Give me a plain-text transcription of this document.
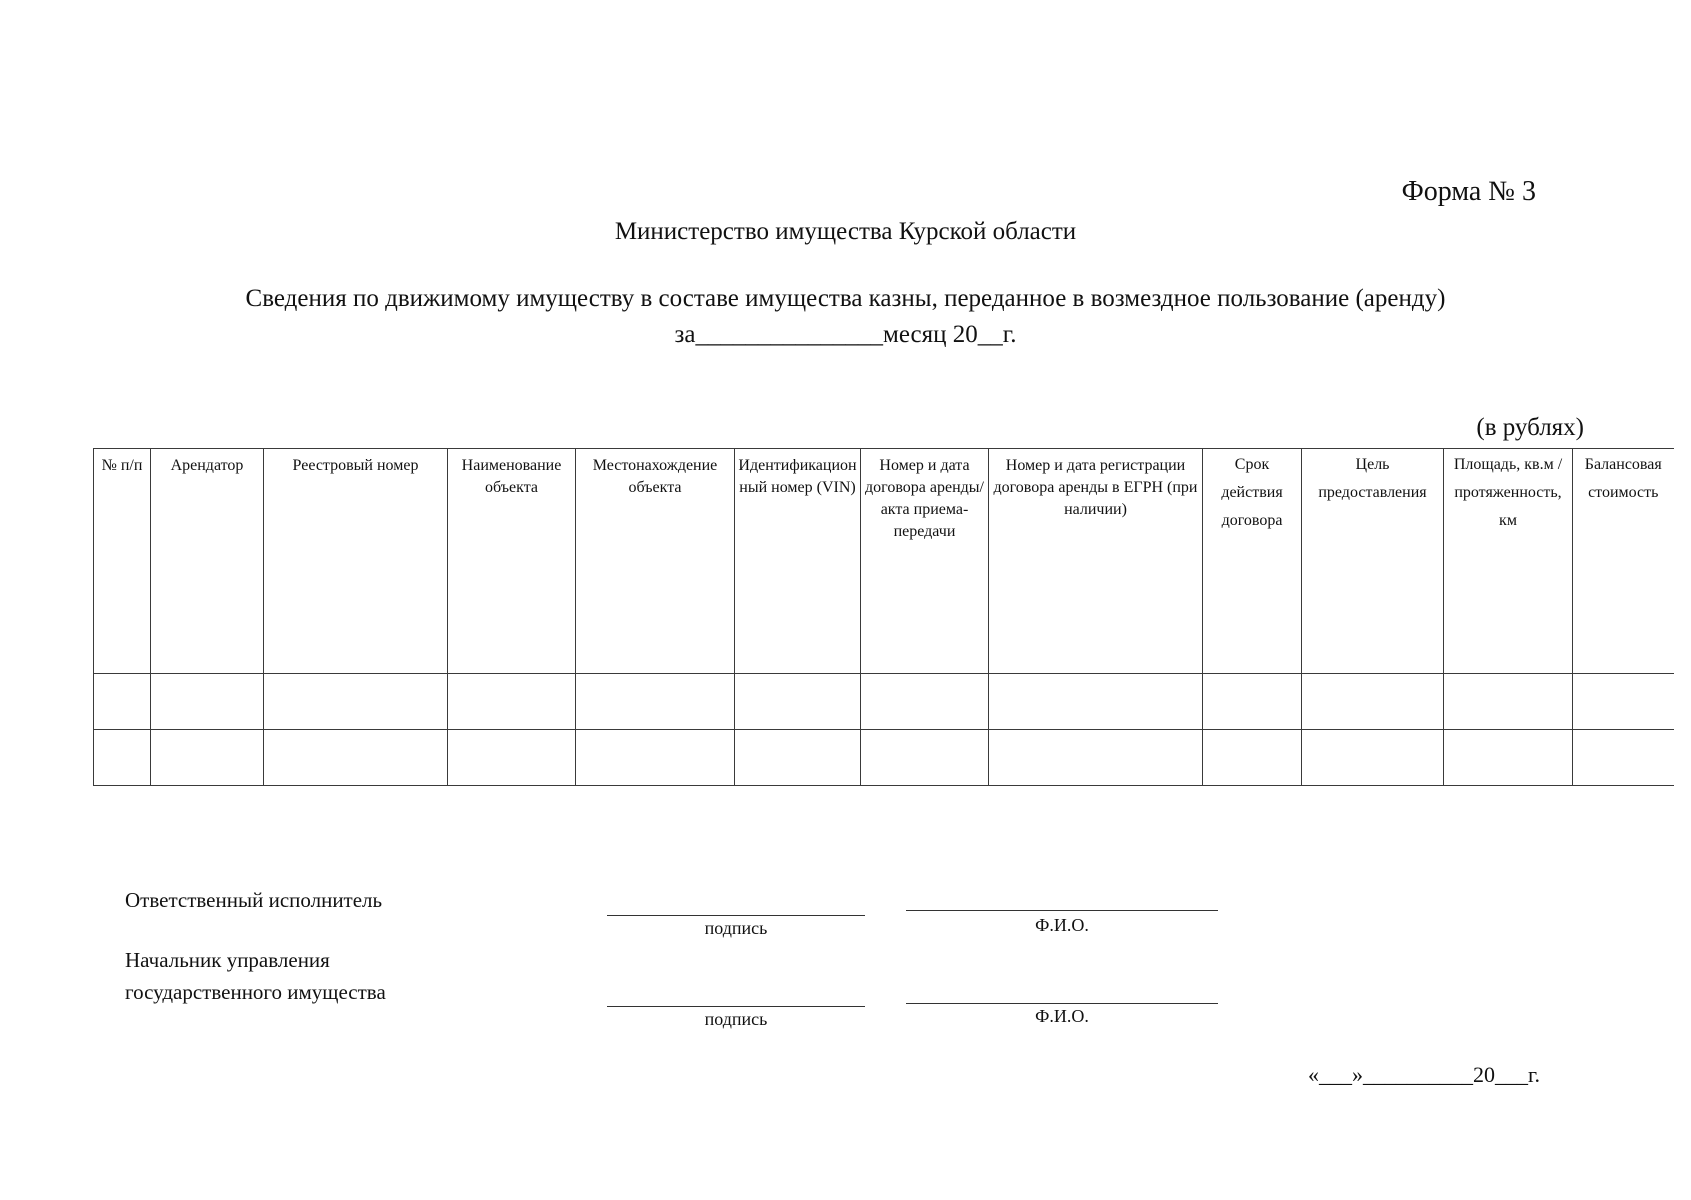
Форма № 3
Министерство имущества Курской области
Сведения по движимому имуществу в составе имущества казны, переданное в возмездное пользование (аренду)
за_______________месяц 20__г.
(в рублях)
№ п/п	Арендатор	Реестровый номер	Наименование объекта	Местонахождение объекта	Идентификационный номер (VIN)	Номер и дата договора аренды/акта приема-передачи	Номер и дата регистрации договора аренды в ЕГРН (при наличии)	Срок действия договора	Цель предоставления	Площадь, кв.м / протяженность, км	Балансовая стоимость

Ответственный исполнитель
подпись	Ф.И.О.
Начальник управления
государственного имущества
подпись	Ф.И.О.
«___»__________20___г.
